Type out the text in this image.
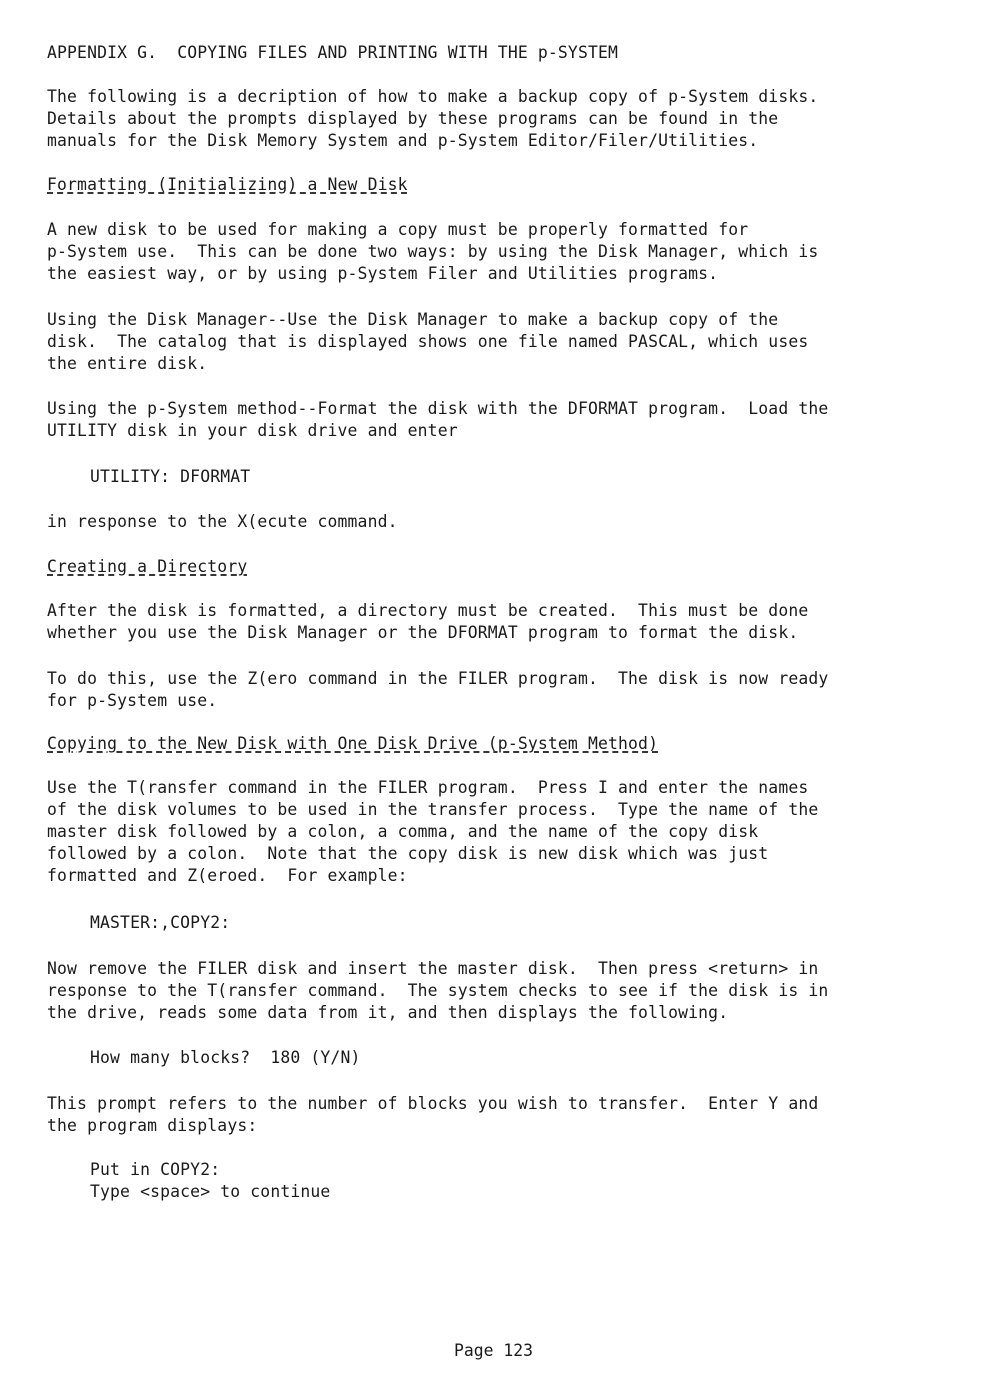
APPENDIX G.  COPYING FILES AND PRINTING WITH THE p-SYSTEM
The following is a decription of how to make a backup copy of p-System disks.
Details about the prompts displayed by these programs can be found in the
manuals for the Disk Memory System and p-System Editor/Filer/Utilities.
Formatting (Initializing) a New Disk
A new disk to be used for making a copy must be properly formatted for
p-System use.  This can be done two ways: by using the Disk Manager, which is
the easiest way, or by using p-System Filer and Utilities programs.
Using the Disk Manager--Use the Disk Manager to make a backup copy of the
disk.  The catalog that is displayed shows one file named PASCAL, which uses
the entire disk.
Using the p-System method--Format the disk with the DFORMAT program.  Load the
UTILITY disk in your disk drive and enter
UTILITY: DFORMAT
in response to the X(ecute command.
Creating a Directory
After the disk is formatted, a directory must be created.  This must be done
whether you use the Disk Manager or the DFORMAT program to format the disk.
To do this, use the Z(ero command in the FILER program.  The disk is now ready
for p-System use.
Copying to the New Disk with One Disk Drive (p-System Method)
Use the T(ransfer command in the FILER program.  Press I and enter the names
of the disk volumes to be used in the transfer process.  Type the name of the
master disk followed by a colon, a comma, and the name of the copy disk
followed by a colon.  Note that the copy disk is new disk which was just
formatted and Z(eroed.  For example:
MASTER:,COPY2:
Now remove the FILER disk and insert the master disk.  Then press <return> in
response to the T(ransfer command.  The system checks to see if the disk is in
the drive, reads some data from it, and then displays the following.
How many blocks?  180 (Y/N)
This prompt refers to the number of blocks you wish to transfer.  Enter Y and
the program displays:
Put in COPY2:
Type <space> to continue
Page 123
